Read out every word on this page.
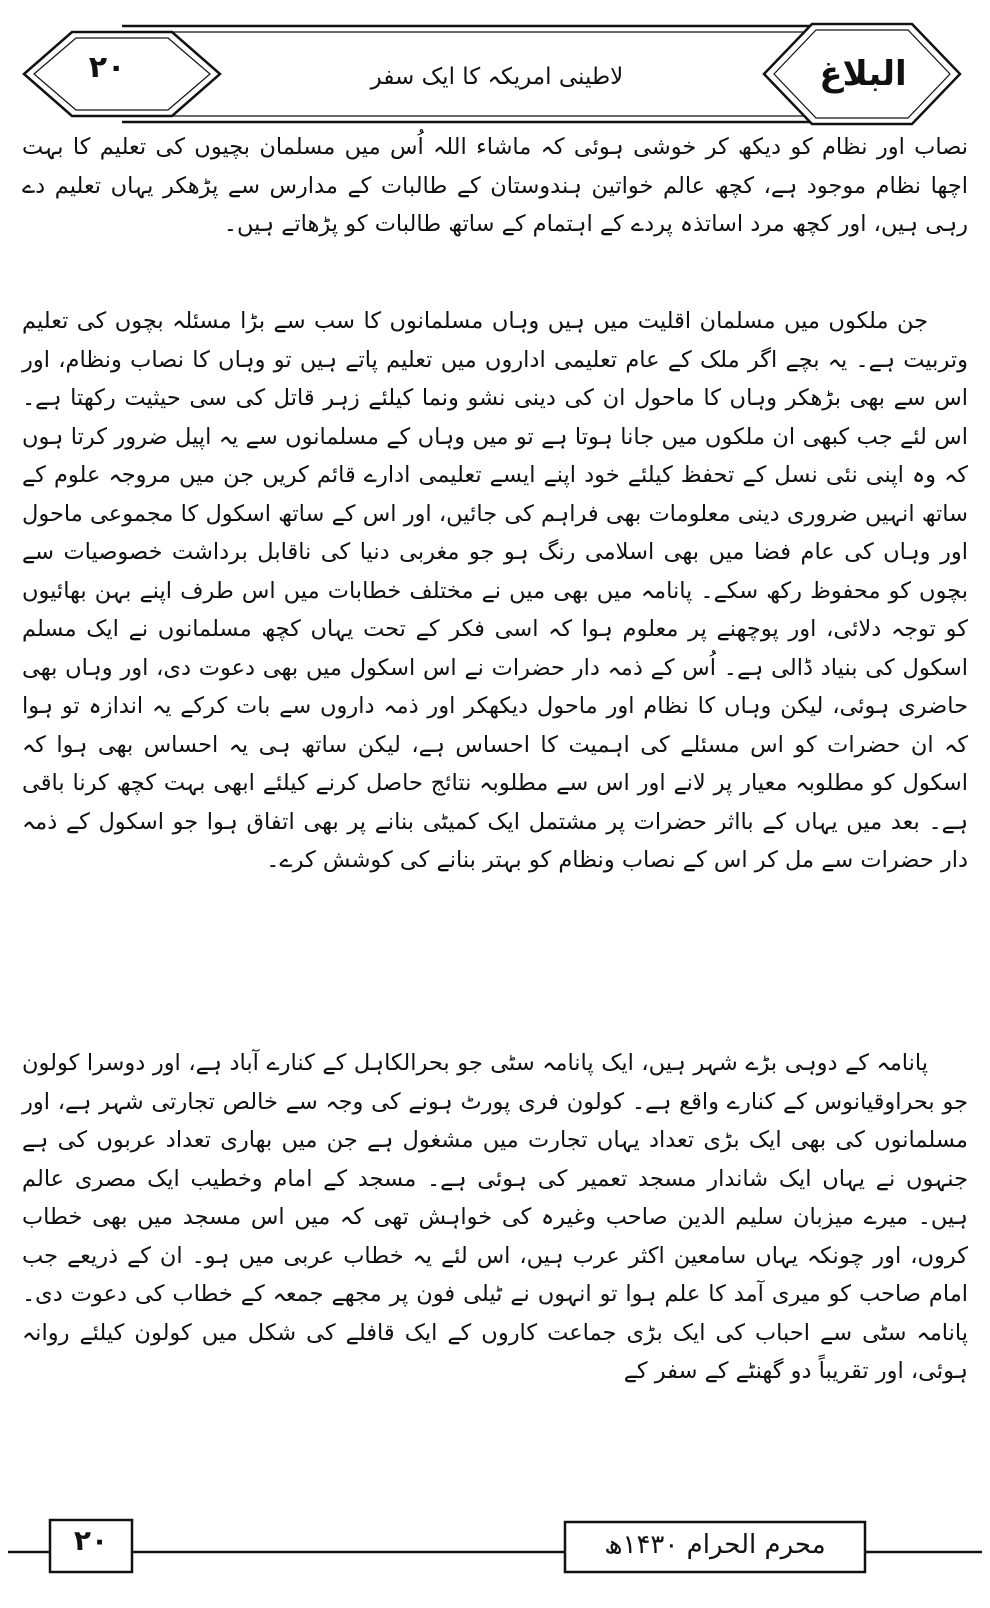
البلاغ
لاطینی امریکہ کا ایک سفر
۲۰

نصاب اور نظام کو دیکھ کر خوشی ہوئی کہ ماشاء اللہ اُس میں مسلمان بچیوں کی تعلیم کا بہت اچھا نظام موجود ہے، کچھ عالم خواتین ہندوستان کے طالبات کے مدارس سے پڑھکر یہاں تعلیم دے رہی ہیں، اور کچھ مرد اساتذہ پردے کے اہتمام کے ساتھ طالبات کو پڑھاتے ہیں۔

جن ملکوں میں مسلمان اقلیت میں ہیں وہاں مسلمانوں کا سب سے بڑا مسئلہ بچوں کی تعلیم وتربیت ہے۔ یہ بچے اگر ملک کے عام تعلیمی اداروں میں تعلیم پاتے ہیں تو وہاں کا نصاب ونظام، اور اس سے بھی بڑھکر وہاں کا ماحول ان کی دینی نشو ونما کیلئے زہر قاتل کی سی حیثیت رکھتا ہے۔ اس لئے جب کبھی ان ملکوں میں جانا ہوتا ہے تو میں وہاں کے مسلمانوں سے یہ اپیل ضرور کرتا ہوں کہ وہ اپنی نئی نسل کے تحفظ کیلئے خود اپنے ایسے تعلیمی ادارے قائم کریں جن میں مروجہ علوم کے ساتھ انہیں ضروری دینی معلومات بھی فراہم کی جائیں، اور اس کے ساتھ اسکول کا مجموعی ماحول اور وہاں کی عام فضا میں بھی اسلامی رنگ ہو جو مغربی دنیا کی ناقابل برداشت خصوصیات سے بچوں کو محفوظ رکھ سکے۔ پانامہ میں بھی میں نے مختلف خطابات میں اس طرف اپنے بہن بھائیوں کو توجہ دلائی، اور پوچھنے پر معلوم ہوا کہ اسی فکر کے تحت یہاں کچھ مسلمانوں نے ایک مسلم اسکول کی بنیاد ڈالی ہے۔ اُس کے ذمہ دار حضرات نے اس اسکول میں بھی دعوت دی، اور وہاں بھی حاضری ہوئی، لیکن وہاں کا نظام اور ماحول دیکھکر اور ذمہ داروں سے بات کرکے یہ اندازہ تو ہوا کہ ان حضرات کو اس مسئلے کی اہمیت کا احساس ہے، لیکن ساتھ ہی یہ احساس بھی ہوا کہ اسکول کو مطلوبہ معیار پر لانے اور اس سے مطلوبہ نتائج حاصل کرنے کیلئے ابھی بہت کچھ کرنا باقی ہے۔ بعد میں یہاں کے بااثر حضرات پر مشتمل ایک کمیٹی بنانے پر بھی اتفاق ہوا جو اسکول کے ذمہ دار حضرات سے مل کر اس کے نصاب ونظام کو بہتر بنانے کی کوشش کرے۔

پانامہ کے دوہی بڑے شہر ہیں، ایک پانامہ سٹی جو بحرالکاہل کے کنارے آباد ہے، اور دوسرا کولون جو بحراوقیانوس کے کنارے واقع ہے۔ کولون فری پورٹ ہونے کی وجہ سے خالص تجارتی شہر ہے، اور مسلمانوں کی بھی ایک بڑی تعداد یہاں تجارت میں مشغول ہے جن میں بھاری تعداد عربوں کی ہے جنہوں نے یہاں ایک شاندار مسجد تعمیر کی ہوئی ہے۔ مسجد کے امام وخطیب ایک مصری عالم ہیں۔ میرے میزبان سلیم الدین صاحب وغیرہ کی خواہش تھی کہ میں اس مسجد میں بھی خطاب کروں، اور چونکہ یہاں سامعین اکثر عرب ہیں، اس لئے یہ خطاب عربی میں ہو۔ ان کے ذریعے جب امام صاحب کو میری آمد کا علم ہوا تو انہوں نے ٹیلی فون پر مجھے جمعہ کے خطاب کی دعوت دی۔ پانامہ سٹی سے احباب کی ایک بڑی جماعت کاروں کے ایک قافلے کی شکل میں کولون کیلئے روانہ ہوئی، اور تقریباً دو گھنٹے کے سفر کے

۲۰	محرم الحرام ۱۴۳۰ھ
